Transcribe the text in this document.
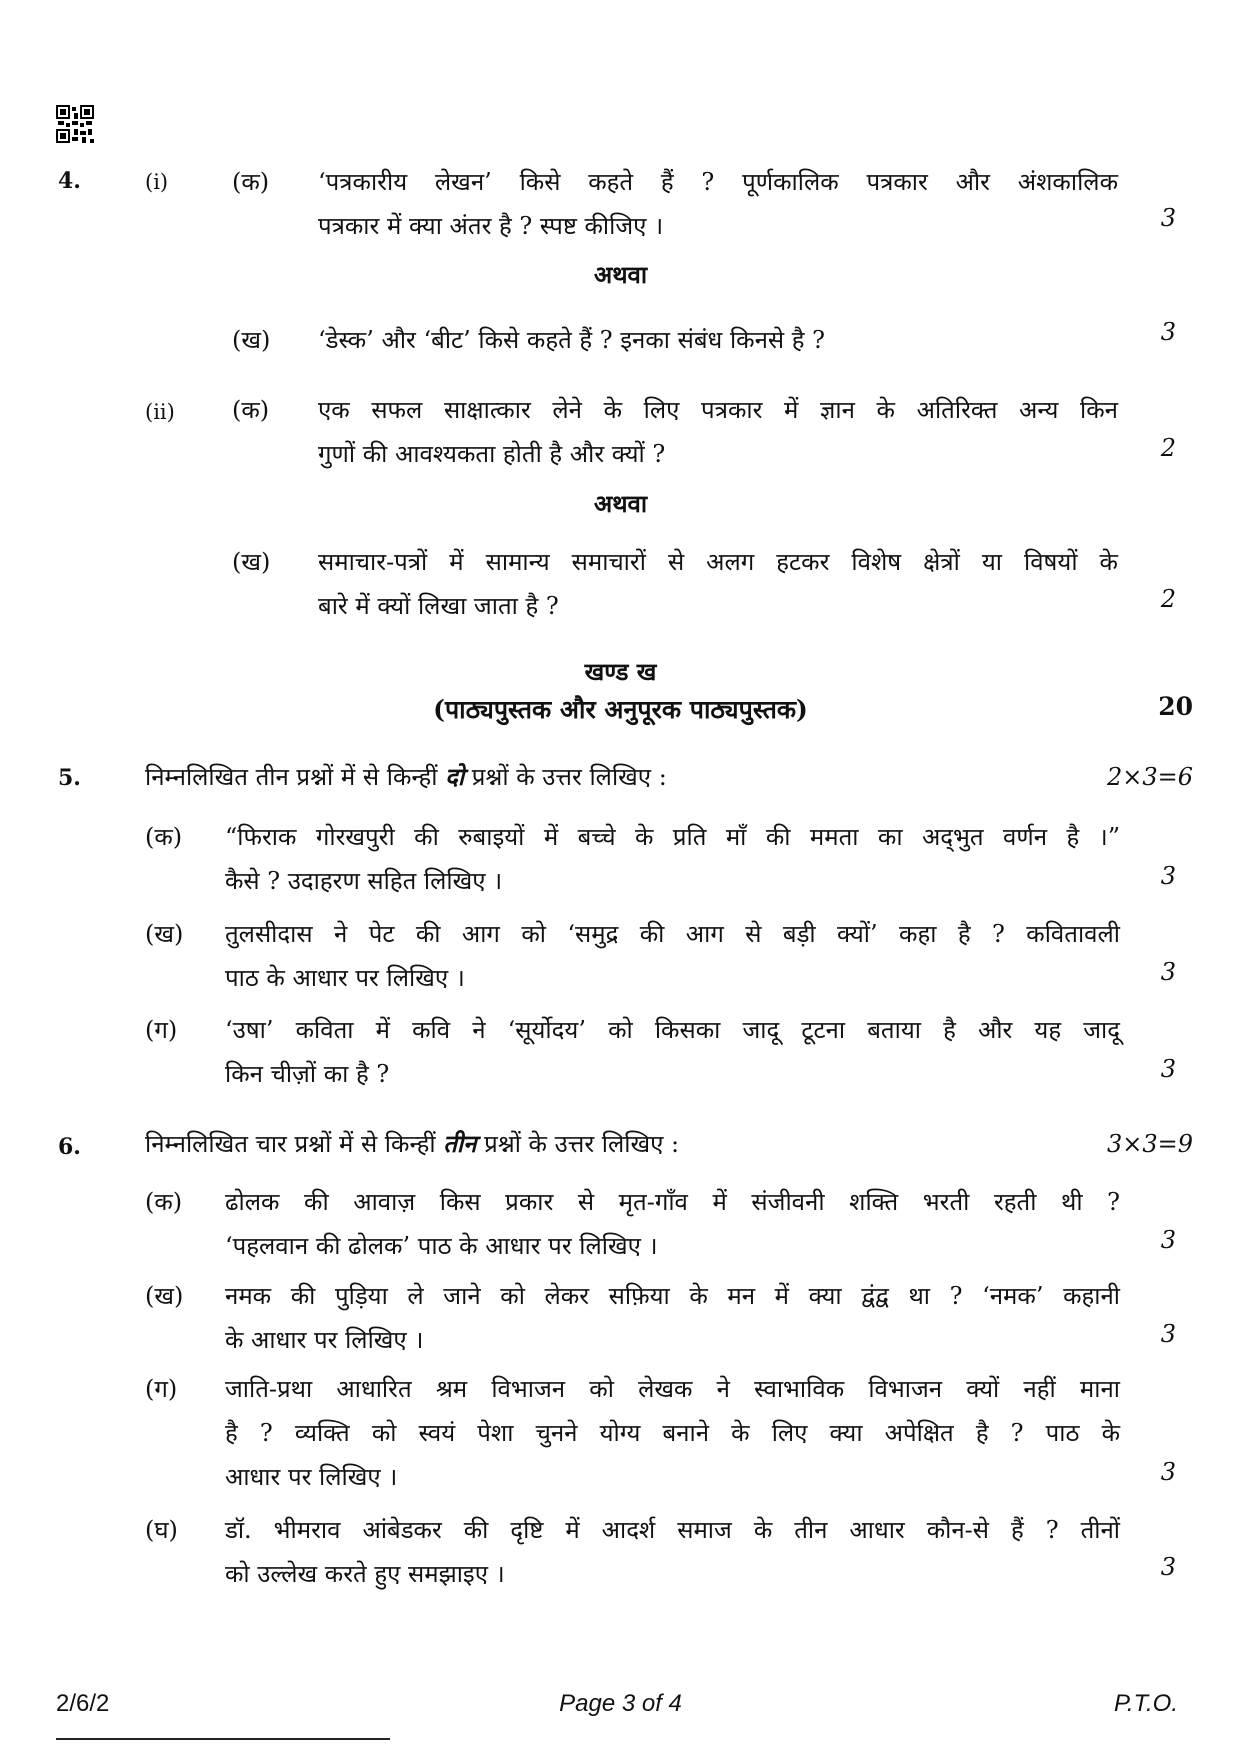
4.	(i)	(क) ‘पत्रकारीय लेखन’ किसे कहते हैं ? पूर्णकालिक पत्रकार और अंशकालिक
पत्रकार में क्या अंतर है ? स्पष्ट कीजिए ।	3
अथवा
(ख) ‘डेस्क’ और ‘बीट’ किसे कहते हैं ? इनका संबंध किनसे है ?	3
(ii) (क) एक सफल साक्षात्कार लेने के लिए पत्रकार में ज्ञान के अतिरिक्त अन्य किन
गुणों की आवश्यकता होती है और क्यों ?	2
अथवा
(ख) समाचार-पत्रों में सामान्य समाचारों से अलग हटकर विशेष क्षेत्रों या विषयों के
बारे में क्यों लिखा जाता है ?	2
खण्ड ख
(पाठ्यपुस्तक और अनुपूरक पाठ्यपुस्तक)	20
5.	निम्नलिखित तीन प्रश्नों में से किन्हीं दो प्रश्नों के उत्तर लिखिए :	2×3=6
(क) “फिराक गोरखपुरी की रुबाइयों में बच्चे के प्रति माँ की ममता का अद्‌भुत वर्णन है ।”
कैसे ? उदाहरण सहित लिखिए ।	3
(ख) तुलसीदास ने पेट की आग को ‘समुद्र की आग से बड़ी क्यों’ कहा है ? कवितावली
पाठ के आधार पर लिखिए ।	3
(ग) ‘उषा’ कविता में कवि ने ‘सूर्योदय’ को किसका जादू टूटना बताया है और यह जादू
किन चीज़ों का है ?	3
6.	निम्नलिखित चार प्रश्नों में से किन्हीं तीन प्रश्नों के उत्तर लिखिए :	3×3=9
(क) ढोलक की आवाज़ किस प्रकार से मृत-गाँव में संजीवनी शक्ति भरती रहती थी ?
‘पहलवान की ढोलक’ पाठ के आधार पर लिखिए ।	3
(ख) नमक की पुड़िया ले जाने को लेकर सफ़िया के मन में क्या द्वंद्व था ? ‘नमक’ कहानी
के आधार पर लिखिए ।	3
(ग) जाति-प्रथा आधारित श्रम विभाजन को लेखक ने स्वाभाविक विभाजन क्यों नहीं माना
है ? व्यक्ति को स्वयं पेशा चुनने योग्य बनाने के लिए क्या अपेक्षित है ? पाठ के
आधार पर लिखिए ।	3
(घ) डॉ. भीमराव आंबेडकर की दृष्टि में आदर्श समाज के तीन आधार कौन-से हैं ? तीनों
को उल्लेख करते हुए समझाइए ।	3
2/6/2	Page 3 of 4	P.T.O.
